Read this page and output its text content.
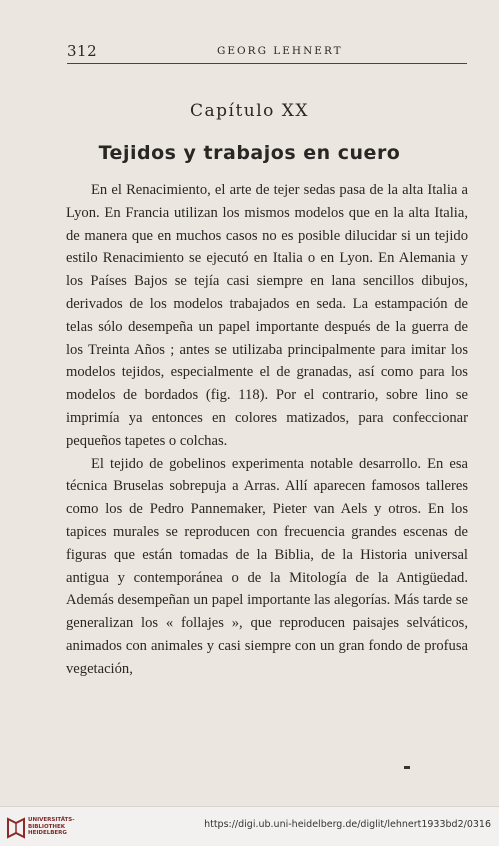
312	GEORG LEHNERT
Capítulo XX
Tejidos y trabajos en cuero

En el Renacimiento, el arte de tejer sedas pasa de la alta Italia a Lyon. En Francia utilizan los mismos modelos que en la alta Italia, de manera que en muchos casos no es posible dilucidar si un tejido estilo Renacimiento se ejecutó en Italia o en Lyon. En Alemania y los Países Bajos se tejía casi siempre en lana sencillos dibujos, derivados de los modelos trabajados en seda. La estampación de telas sólo desempeña un papel importante después de la guerra de los Treinta Años ; antes se utilizaba principalmente para imitar los modelos tejidos, especialmente el de granadas, así como para los modelos de bordados (fig. 118). Por el contrario, sobre lino se imprimía ya entonces en colores matizados, para confeccionar pequeños tapetes o colchas.

El tejido de gobelinos experimenta notable desarrollo. En esa técnica Bruselas sobrepuja a Arras. Allí aparecen famosos talleres como los de Pedro Pannemaker, Pieter van Aels y otros. En los tapices murales se reproducen con frecuencia grandes escenas de figuras que están tomadas de la Biblia, de la Historia universal antigua y contemporánea o de la Mitología de la Antigüedad. Además desempeñan un papel importante las alegorías. Más tarde se generalizan los « follajes », que reproducen paisajes selváticos, animados con animales y casi siempre con un gran fondo de profusa vegetación,

UNIVERSITÄTS-
BIBLIOTHEK
HEIDELBERG
https://digi.ub.uni-heidelberg.de/diglit/lehnert1933bd2/0316
